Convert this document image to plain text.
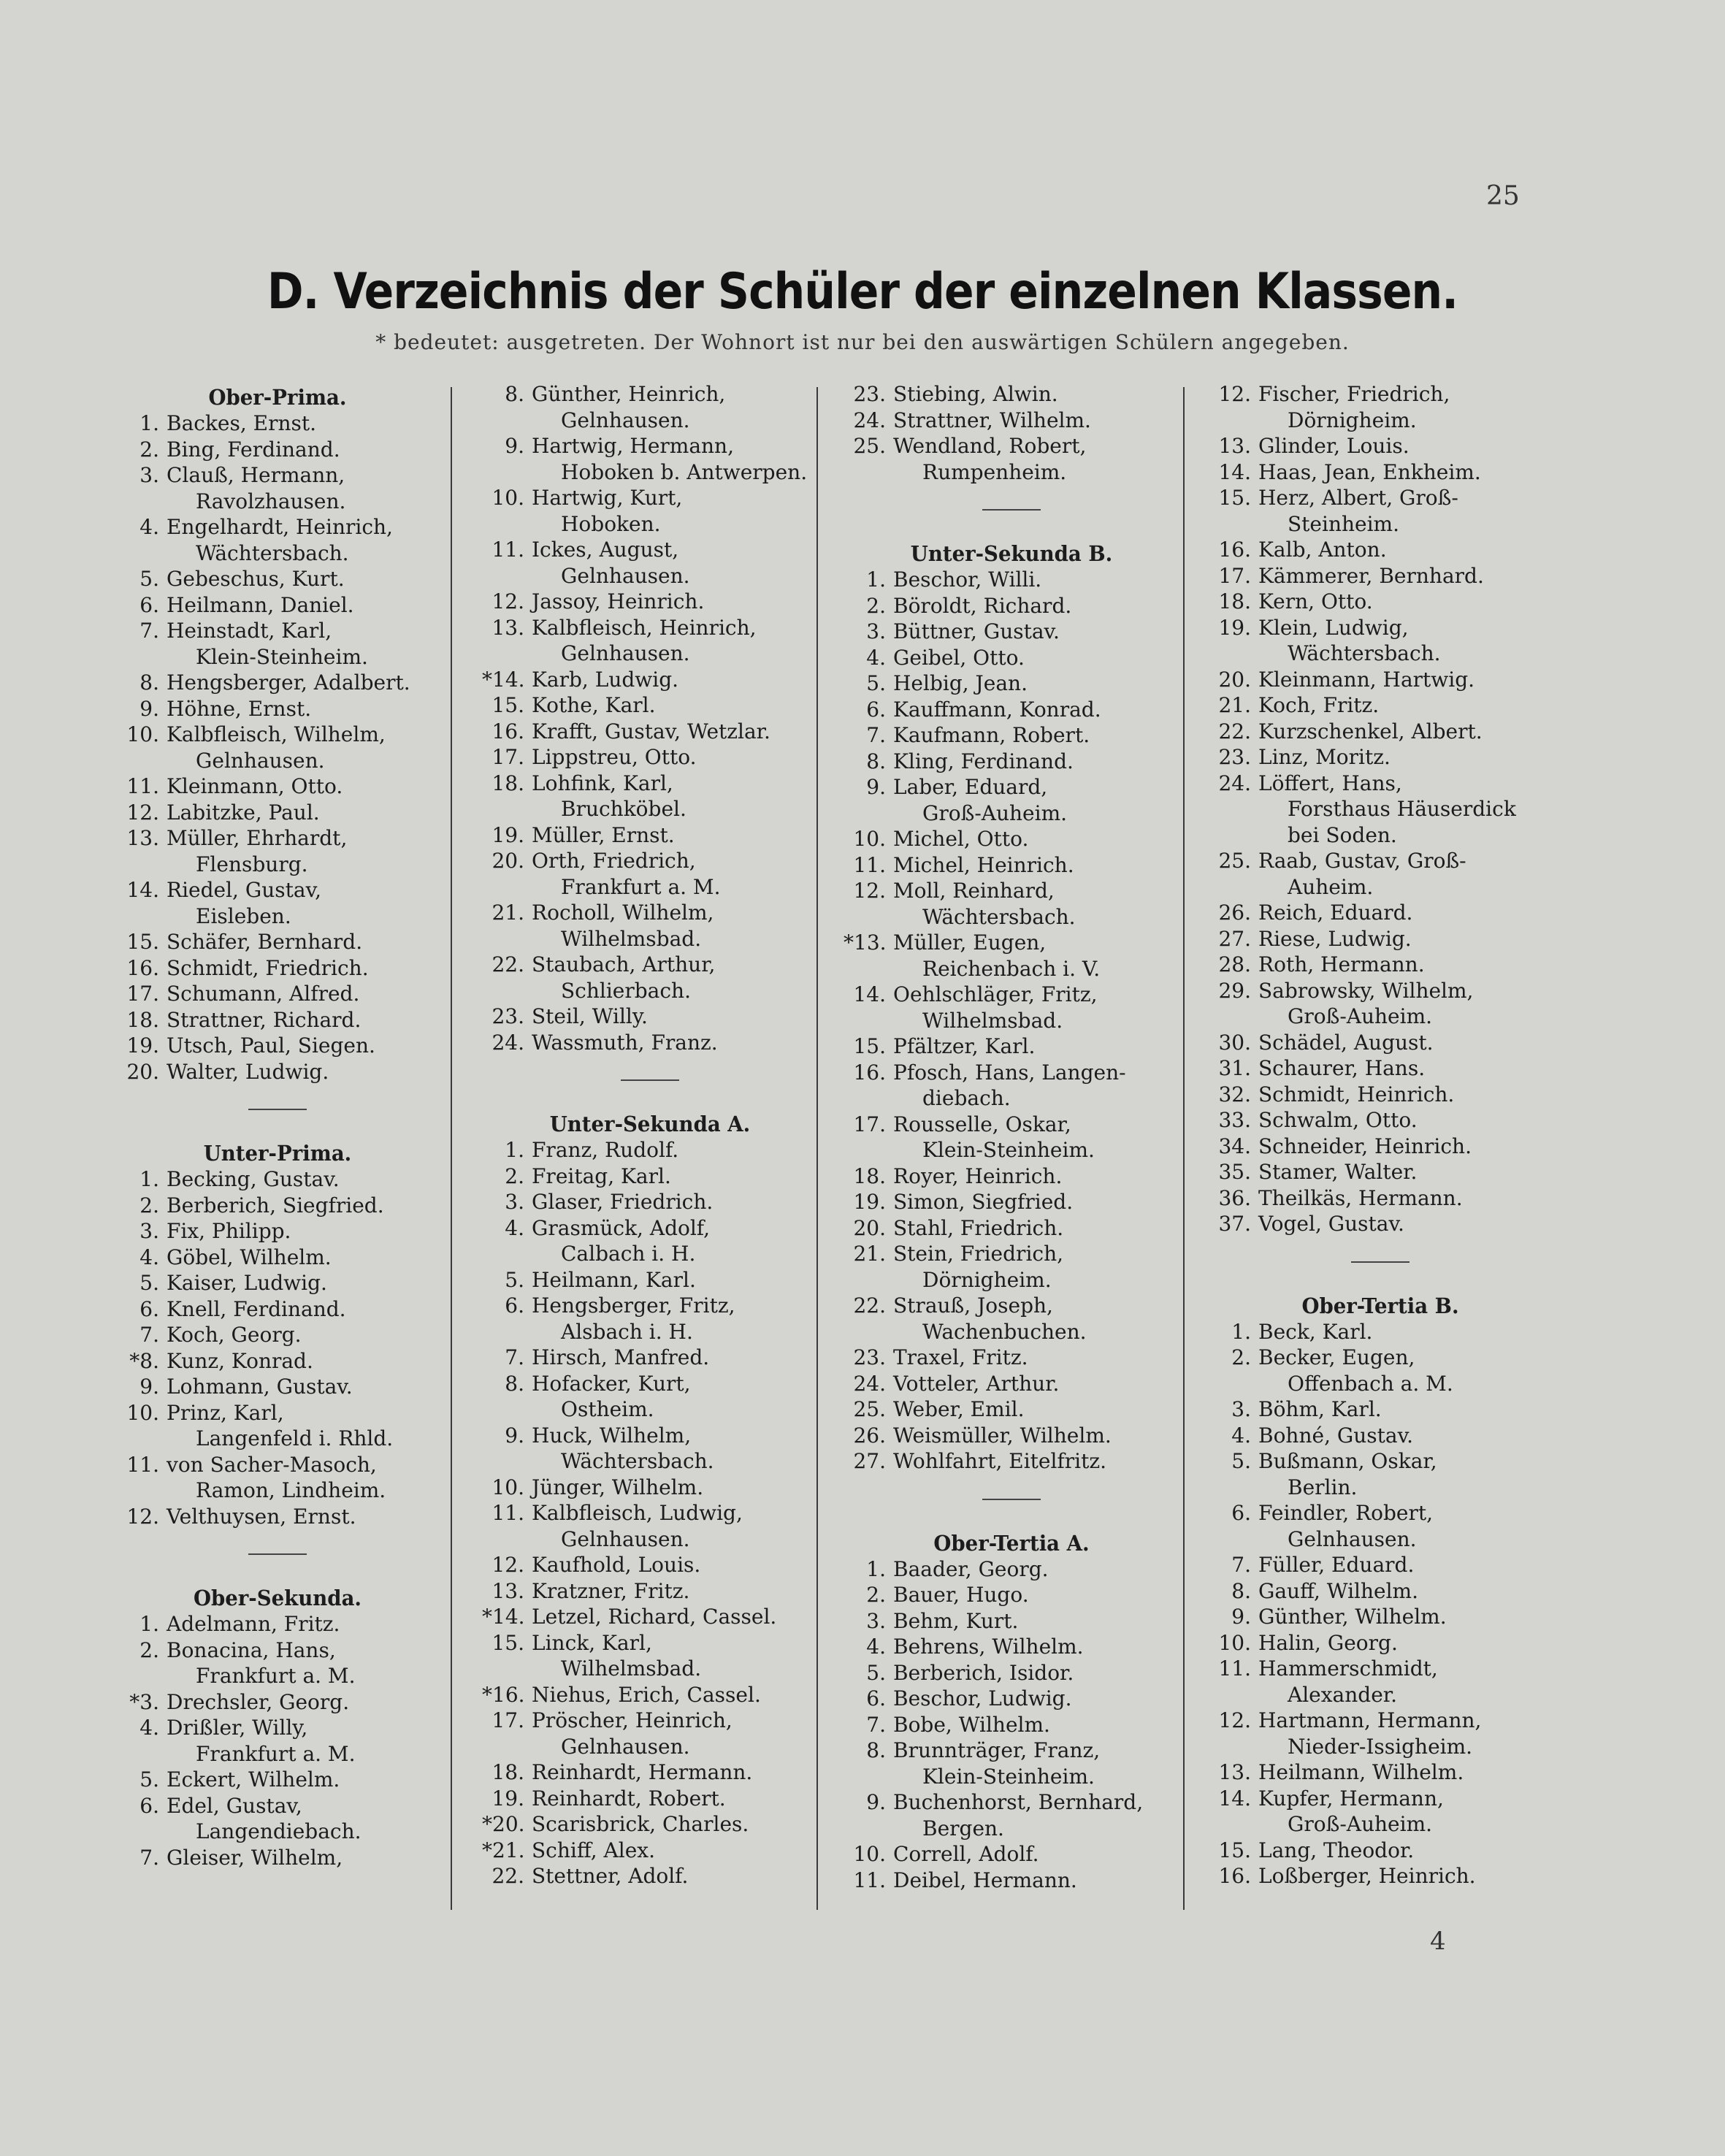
25
D. Verzeichnis der Schüler der einzelnen Klassen.
* bedeutet: ausgetreten. Der Wohnort ist nur bei den auswärtigen Schülern angegeben.
Ober-Prima.
1. Backes, Ernst.
2. Bing, Ferdinand.
3. Clauß, Hermann,
Ravolzhausen.
4. Engelhardt, Heinrich,
Wächtersbach.
5. Gebeschus, Kurt.
6. Heilmann, Daniel.
7. Heinstadt, Karl,
Klein-Steinheim.
8. Hengsberger, Adalbert.
9. Höhne, Ernst.
10. Kalbfleisch, Wilhelm,
Gelnhausen.
11. Kleinmann, Otto.
12. Labitzke, Paul.
13. Müller, Ehrhardt,
Flensburg.
14. Riedel, Gustav,
Eisleben.
15. Schäfer, Bernhard.
16. Schmidt, Friedrich.
17. Schumann, Alfred.
18. Strattner, Richard.
19. Utsch, Paul, Siegen.
20. Walter, Ludwig.
Unter-Prima.
1. Becking, Gustav.
2. Berberich, Siegfried.
3. Fix, Philipp.
4. Göbel, Wilhelm.
5. Kaiser, Ludwig.
6. Knell, Ferdinand.
7. Koch, Georg.
*8. Kunz, Konrad.
9. Lohmann, Gustav.
10. Prinz, Karl,
Langenfeld i. Rhld.
11. von Sacher-Masoch,
Ramon, Lindheim.
12. Velthuysen, Ernst.
Ober-Sekunda.
1. Adelmann, Fritz.
2. Bonacina, Hans,
Frankfurt a. M.
*3. Drechsler, Georg.
4. Drißler, Willy,
Frankfurt a. M.
5. Eckert, Wilhelm.
6. Edel, Gustav,
Langendiebach.
7. Gleiser, Wilhelm,
8. Günther, Heinrich,
Gelnhausen.
9. Hartwig, Hermann,
Hoboken b. Antwerpen.
10. Hartwig, Kurt,
Hoboken.
11. Ickes, August,
Gelnhausen.
12. Jassoy, Heinrich.
13. Kalbfleisch, Heinrich,
Gelnhausen.
*14. Karb, Ludwig.
15. Kothe, Karl.
16. Krafft, Gustav, Wetzlar.
17. Lippstreu, Otto.
18. Lohfink, Karl,
Bruchköbel.
19. Müller, Ernst.
20. Orth, Friedrich,
Frankfurt a. M.
21. Rocholl, Wilhelm,
Wilhelmsbad.
22. Staubach, Arthur,
Schlierbach.
23. Steil, Willy.
24. Wassmuth, Franz.
Unter-Sekunda A.
1. Franz, Rudolf.
2. Freitag, Karl.
3. Glaser, Friedrich.
4. Grasmück, Adolf,
Calbach i. H.
5. Heilmann, Karl.
6. Hengsberger, Fritz,
Alsbach i. H.
7. Hirsch, Manfred.
8. Hofacker, Kurt,
Ostheim.
9. Huck, Wilhelm,
Wächtersbach.
10. Jünger, Wilhelm.
11. Kalbfleisch, Ludwig,
Gelnhausen.
12. Kaufhold, Louis.
13. Kratzner, Fritz.
*14. Letzel, Richard, Cassel.
15. Linck, Karl,
Wilhelmsbad.
*16. Niehus, Erich, Cassel.
17. Pröscher, Heinrich,
Gelnhausen.
18. Reinhardt, Hermann.
19. Reinhardt, Robert.
*20. Scarisbrick, Charles.
*21. Schiff, Alex.
22. Stettner, Adolf.
23. Stiebing, Alwin.
24. Strattner, Wilhelm.
25. Wendland, Robert,
Rumpenheim.
Unter-Sekunda B.
1. Beschor, Willi.
2. Böroldt, Richard.
3. Büttner, Gustav.
4. Geibel, Otto.
5. Helbig, Jean.
6. Kauffmann, Konrad.
7. Kaufmann, Robert.
8. Kling, Ferdinand.
9. Laber, Eduard,
Groß-Auheim.
10. Michel, Otto.
11. Michel, Heinrich.
12. Moll, Reinhard,
Wächtersbach.
*13. Müller, Eugen,
Reichenbach i. V.
14. Oehlschläger, Fritz,
Wilhelmsbad.
15. Pfältzer, Karl.
16. Pfosch, Hans, Langen-
diebach.
17. Rousselle, Oskar,
Klein-Steinheim.
18. Royer, Heinrich.
19. Simon, Siegfried.
20. Stahl, Friedrich.
21. Stein, Friedrich,
Dörnigheim.
22. Strauß, Joseph,
Wachenbuchen.
23. Traxel, Fritz.
24. Votteler, Arthur.
25. Weber, Emil.
26. Weismüller, Wilhelm.
27. Wohlfahrt, Eitelfritz.
Ober-Tertia A.
1. Baader, Georg.
2. Bauer, Hugo.
3. Behm, Kurt.
4. Behrens, Wilhelm.
5. Berberich, Isidor.
6. Beschor, Ludwig.
7. Bobe, Wilhelm.
8. Brunnträger, Franz,
Klein-Steinheim.
9. Buchenhorst, Bernhard,
Bergen.
10. Correll, Adolf.
11. Deibel, Hermann.
12. Fischer, Friedrich,
Dörnigheim.
13. Glinder, Louis.
14. Haas, Jean, Enkheim.
15. Herz, Albert, Groß-
Steinheim.
16. Kalb, Anton.
17. Kämmerer, Bernhard.
18. Kern, Otto.
19. Klein, Ludwig,
Wächtersbach.
20. Kleinmann, Hartwig.
21. Koch, Fritz.
22. Kurzschenkel, Albert.
23. Linz, Moritz.
24. Löffert, Hans,
Forsthaus Häuserdick
bei Soden.
25. Raab, Gustav, Groß-
Auheim.
26. Reich, Eduard.
27. Riese, Ludwig.
28. Roth, Hermann.
29. Sabrowsky, Wilhelm,
Groß-Auheim.
30. Schädel, August.
31. Schaurer, Hans.
32. Schmidt, Heinrich.
33. Schwalm, Otto.
34. Schneider, Heinrich.
35. Stamer, Walter.
36. Theilkäs, Hermann.
37. Vogel, Gustav.
Ober-Tertia B.
1. Beck, Karl.
2. Becker, Eugen,
Offenbach a. M.
3. Böhm, Karl.
4. Bohné, Gustav.
5. Bußmann, Oskar,
Berlin.
6. Feindler, Robert,
Gelnhausen.
7. Füller, Eduard.
8. Gauff, Wilhelm.
9. Günther, Wilhelm.
10. Halin, Georg.
11. Hammerschmidt,
Alexander.
12. Hartmann, Hermann,
Nieder-Issigheim.
13. Heilmann, Wilhelm.
14. Kupfer, Hermann,
Groß-Auheim.
15. Lang, Theodor.
16. Loßberger, Heinrich.
4
